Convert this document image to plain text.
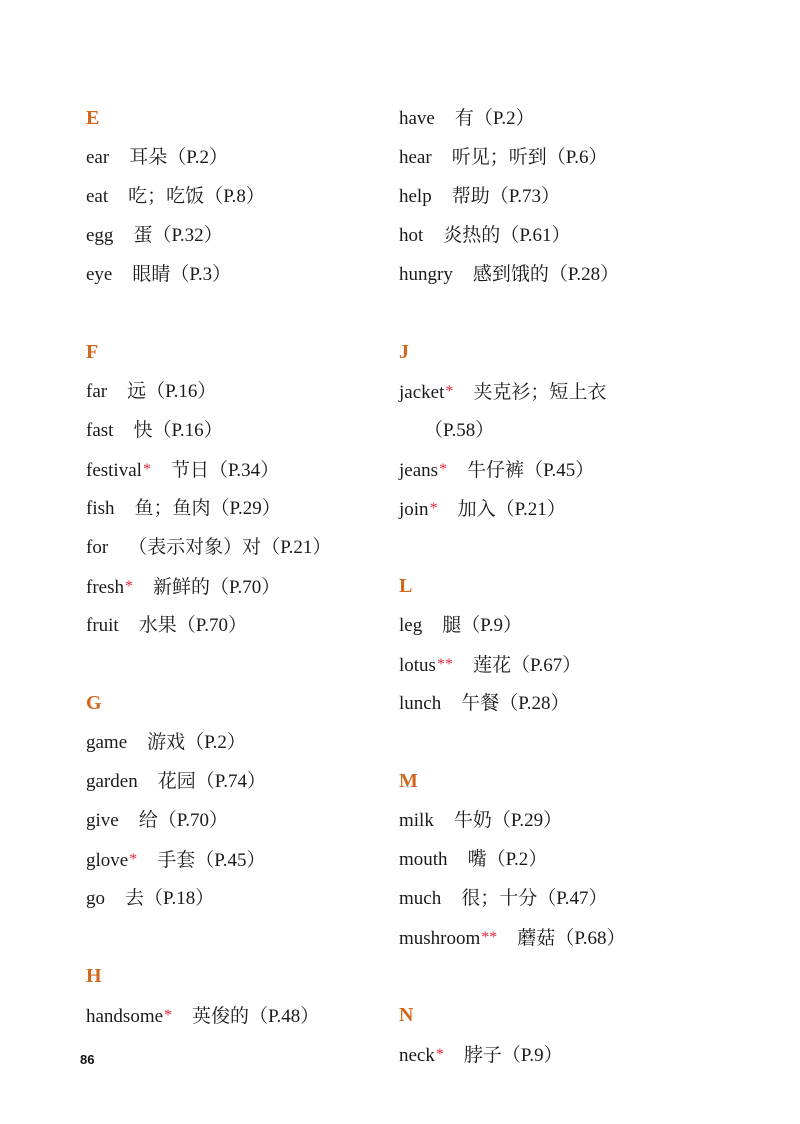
E
ear 耳朵（P.2）
eat 吃；吃饭（P.8）
egg 蛋（P.32）
eye 眼睛（P.3）
F
far 远（P.16）
fast 快（P.16）
festival* 节日（P.34）
fish 鱼；鱼肉（P.29）
for （表示对象）对（P.21）
fresh* 新鲜的（P.70）
fruit 水果（P.70）
G
game 游戏（P.2）
garden 花园（P.74）
give 给（P.70）
glove* 手套（P.45）
go 去（P.18）
H
handsome* 英俊的（P.48）
have 有（P.2）
hear 听见；听到（P.6）
help 帮助（P.73）
hot 炎热的（P.61）
hungry 感到饿的（P.28）
J
jacket* 夹克衫；短上衣
（P.58）
jeans* 牛仔裤（P.45）
join* 加入（P.21）
L
leg 腿（P.9）
lotus** 莲花（P.67）
lunch 午餐（P.28）
M
milk 牛奶（P.29）
mouth 嘴（P.2）
much 很；十分（P.47）
mushroom** 蘑菇（P.68）
N
neck* 脖子（P.9）
86
